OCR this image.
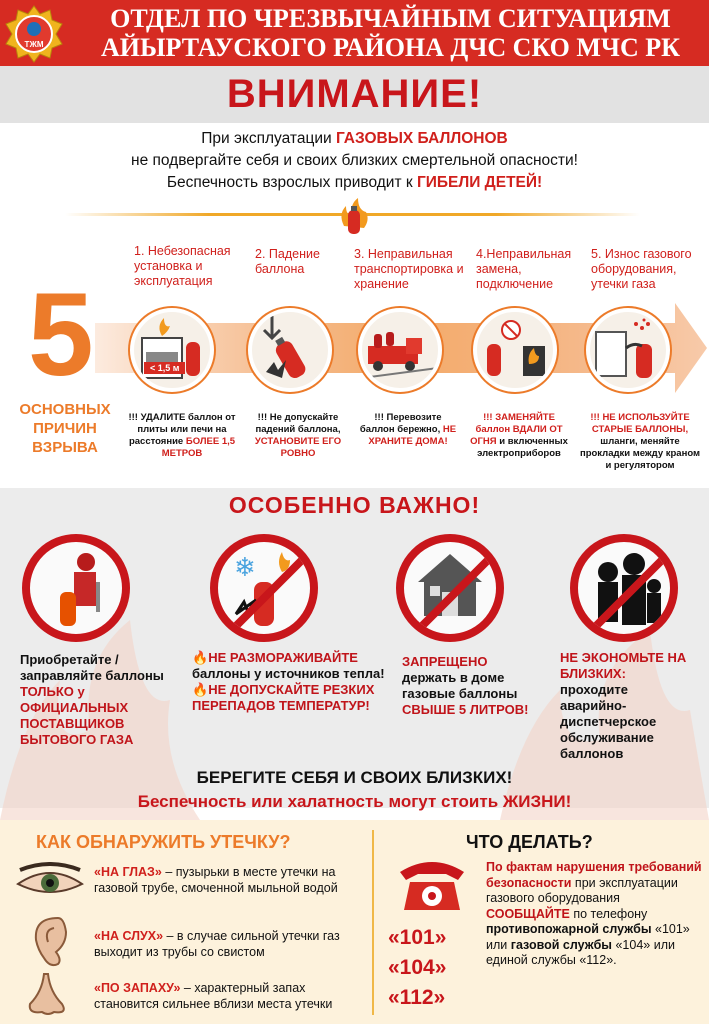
ОТДЕЛ ПО ЧРЕЗВЫЧАЙНЫМ СИТУАЦИЯМ
АЙЫРТАУСКОГО РАЙОНА ДЧС СКО МЧС РК
ТЖМ
ВНИМАНИЕ!
При эксплуатации ГАЗОВЫХ БАЛЛОНОВ
не подвергайте себя и своих близких смертельной опасности!
Беспечность взрослых приводит к ГИБЕЛИ ДЕТЕЙ!
1. Небезопасная установка и эксплуатация
2. Падение баллона
3. Неправильная транспортировка и хранение
4.Неправильная замена, подключение
5. Износ газового оборудования, утечки газа
5
ОСНОВНЫХ ПРИЧИН ВЗРЫВА
< 1,5 м
!!! УДАЛИТЕ баллон от плиты или печи на расстояние БОЛЕЕ 1,5 МЕТРОВ
!!! Не допускайте падений баллона, УСТАНОВИТЕ ЕГО РОВНО
!!! Перевозите баллон бережно, НЕ ХРАНИТЕ ДОМА!
!!! ЗАМЕНЯЙТЕ баллон ВДАЛИ ОТ ОГНЯ и включенных электроприборов
!!! НЕ ИСПОЛЬЗУЙТЕ СТАРЫЕ БАЛЛОНЫ, шланги, меняйте прокладки между краном и регулятором
ОСОБЕННО ВАЖНО!
❄
Приобретайте / заправляйте баллоны ТОЛЬКО у ОФИЦИАЛЬНЫХ ПОСТАВЩИКОВ БЫТОВОГО ГАЗА
🔥НЕ РАЗМОРАЖИВАЙТЕ баллоны у источников тепла!
🔥НЕ ДОПУСКАЙТЕ РЕЗКИХ ПЕРЕПАДОВ ТЕМПЕРАТУР!
ЗАПРЕЩЕНО держать в доме газовые баллоны СВЫШЕ 5 ЛИТРОВ!
НЕ ЭКОНОМЬТЕ НА БЛИЗКИХ: проходите аварийно-диспетчерское обслуживание баллонов
БЕРЕГИТЕ СЕБЯ И СВОИХ БЛИЗКИХ!
Беспечность или халатность могут стоить ЖИЗНИ!
КАК ОБНАРУЖИТЬ УТЕЧКУ?	ЧТО ДЕЛАТЬ?
«НА ГЛАЗ» – пузырьки в месте утечки на газовой трубе, смоченной мыльной водой
«НА СЛУХ» – в случае сильной утечки газ выходит из трубы со свистом
«ПО ЗАПАХУ» – характерный запах становится сильнее вблизи места утечки
«101»
«104»
«112»
По фактам нарушения требований безопасности при эксплуатации газового оборудования СООБЩАЙТЕ по телефону противопожарной службы «101» или газовой службы «104» или единой службы «112».
